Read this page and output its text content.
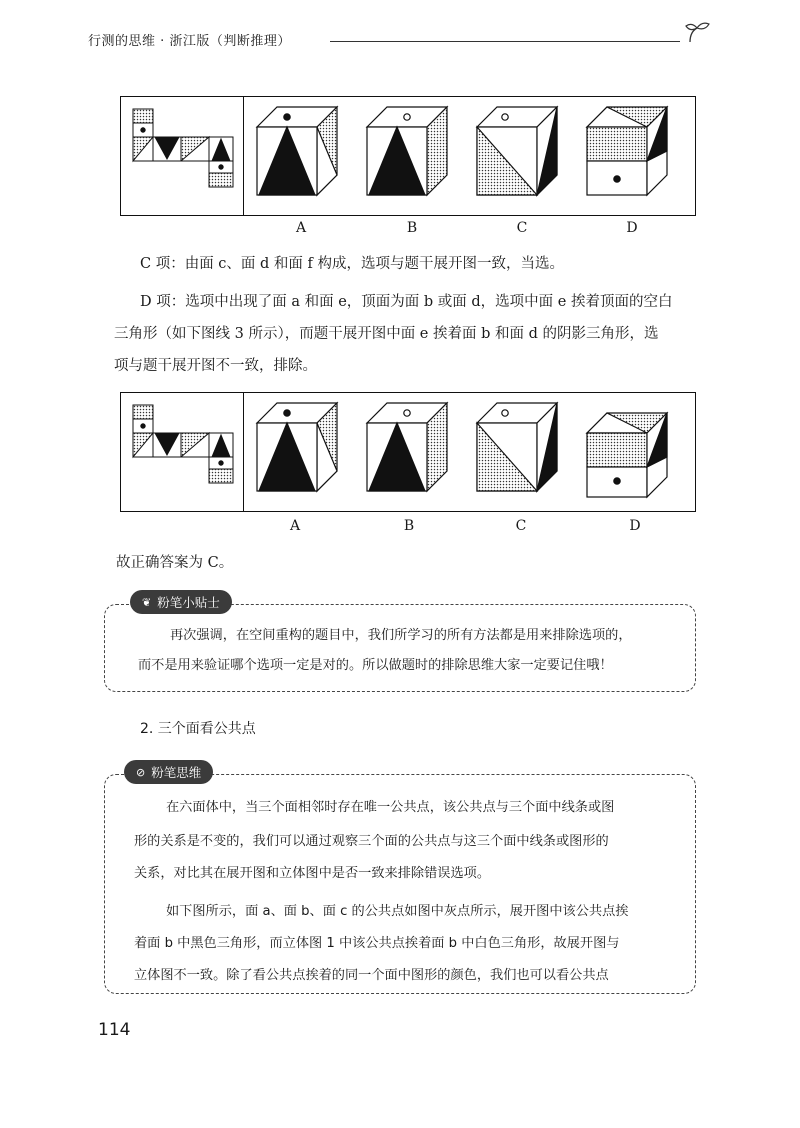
行测的思维 · 浙江版（判断推理）
A	B	C	D
C 项：由面 c、面 d 和面 f 构成，选项与题干展开图一致，当选。
D 项：选项中出现了面 a 和面 e，顶面为面 b 或面 d，选项中面 e 挨着顶面的空白
三角形（如下图线 3 所示），而题干展开图中面 e 挨着面 b 和面 d 的阴影三角形，选
项与题干展开图不一致，排除。
A	B	C	D
故正确答案为 C。
❦ 粉笔小贴士
再次强调，在空间重构的题目中，我们所学习的所有方法都是用来排除选项的，
而不是用来验证哪个选项一定是对的。所以做题时的排除思维大家一定要记住哦！
2. 三个面看公共点
⊘ 粉笔思维
在六面体中，当三个面相邻时存在唯一公共点，该公共点与三个面中线条或图
形的关系是不变的，我们可以通过观察三个面的公共点与这三个面中线条或图形的
关系，对比其在展开图和立体图中是否一致来排除错误选项。
如下图所示，面 a、面 b、面 c 的公共点如图中灰点所示，展开图中该公共点挨
着面 b 中黑色三角形，而立体图 1 中该公共点挨着面 b 中白色三角形，故展开图与
立体图不一致。除了看公共点挨着的同一个面中图形的颜色，我们也可以看公共点
114
